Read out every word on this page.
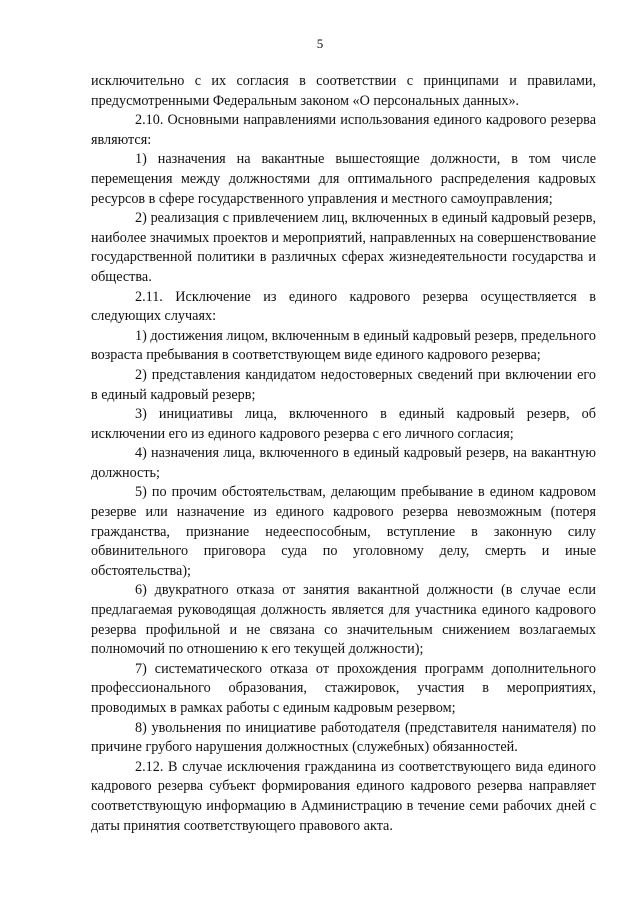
5

исключительно с их согласия в соответствии с принципами и правилами, предусмотренными Федеральным законом «О персональных данных».

2.10. Основными направлениями использования единого кадрового резерва являются:

1) назначения на вакантные вышестоящие должности, в том числе перемещения между должностями для оптимального распределения кадровых ресурсов в сфере государственного управления и местного самоуправления;

2) реализация с привлечением лиц, включенных в единый кадровый резерв, наиболее значимых проектов и мероприятий, направленных на совершенствование государственной политики в различных сферах жизнедеятельности государства и общества.

2.11. Исключение из единого кадрового резерва осуществляется в следующих случаях:

1) достижения лицом, включенным в единый кадровый резерв, предельного возраста пребывания в соответствующем виде единого кадрового резерва;

2) представления кандидатом недостоверных сведений при включении его в единый кадровый резерв;

3) инициативы лица, включенного в единый кадровый резерв, об исключении его из единого кадрового резерва с его личного согласия;

4) назначения лица, включенного в единый кадровый резерв, на вакантную должность;

5) по прочим обстоятельствам, делающим пребывание в едином кадровом резерве или назначение из единого кадрового резерва невозможным (потеря гражданства, признание недееспособным, вступление в законную силу обвинительного приговора суда по уголовному делу, смерть и иные обстоятельства);

6) двукратного отказа от занятия вакантной должности (в случае если предлагаемая руководящая должность является для участника единого кадрового резерва профильной и не связана со значительным снижением возлагаемых полномочий по отношению к его текущей должности);

7) систематического отказа от прохождения программ дополнительного профессионального образования, стажировок, участия в мероприятиях, проводимых в рамках работы с единым кадровым резервом;

8) увольнения по инициативе работодателя (представителя нанимателя) по причине грубого нарушения должностных (служебных) обязанностей.

2.12. В случае исключения гражданина из соответствующего вида единого кадрового резерва субъект формирования единого кадрового резерва направляет соответствующую информацию в Администрацию в течение семи рабочих дней с даты принятия соответствующего правового акта.
